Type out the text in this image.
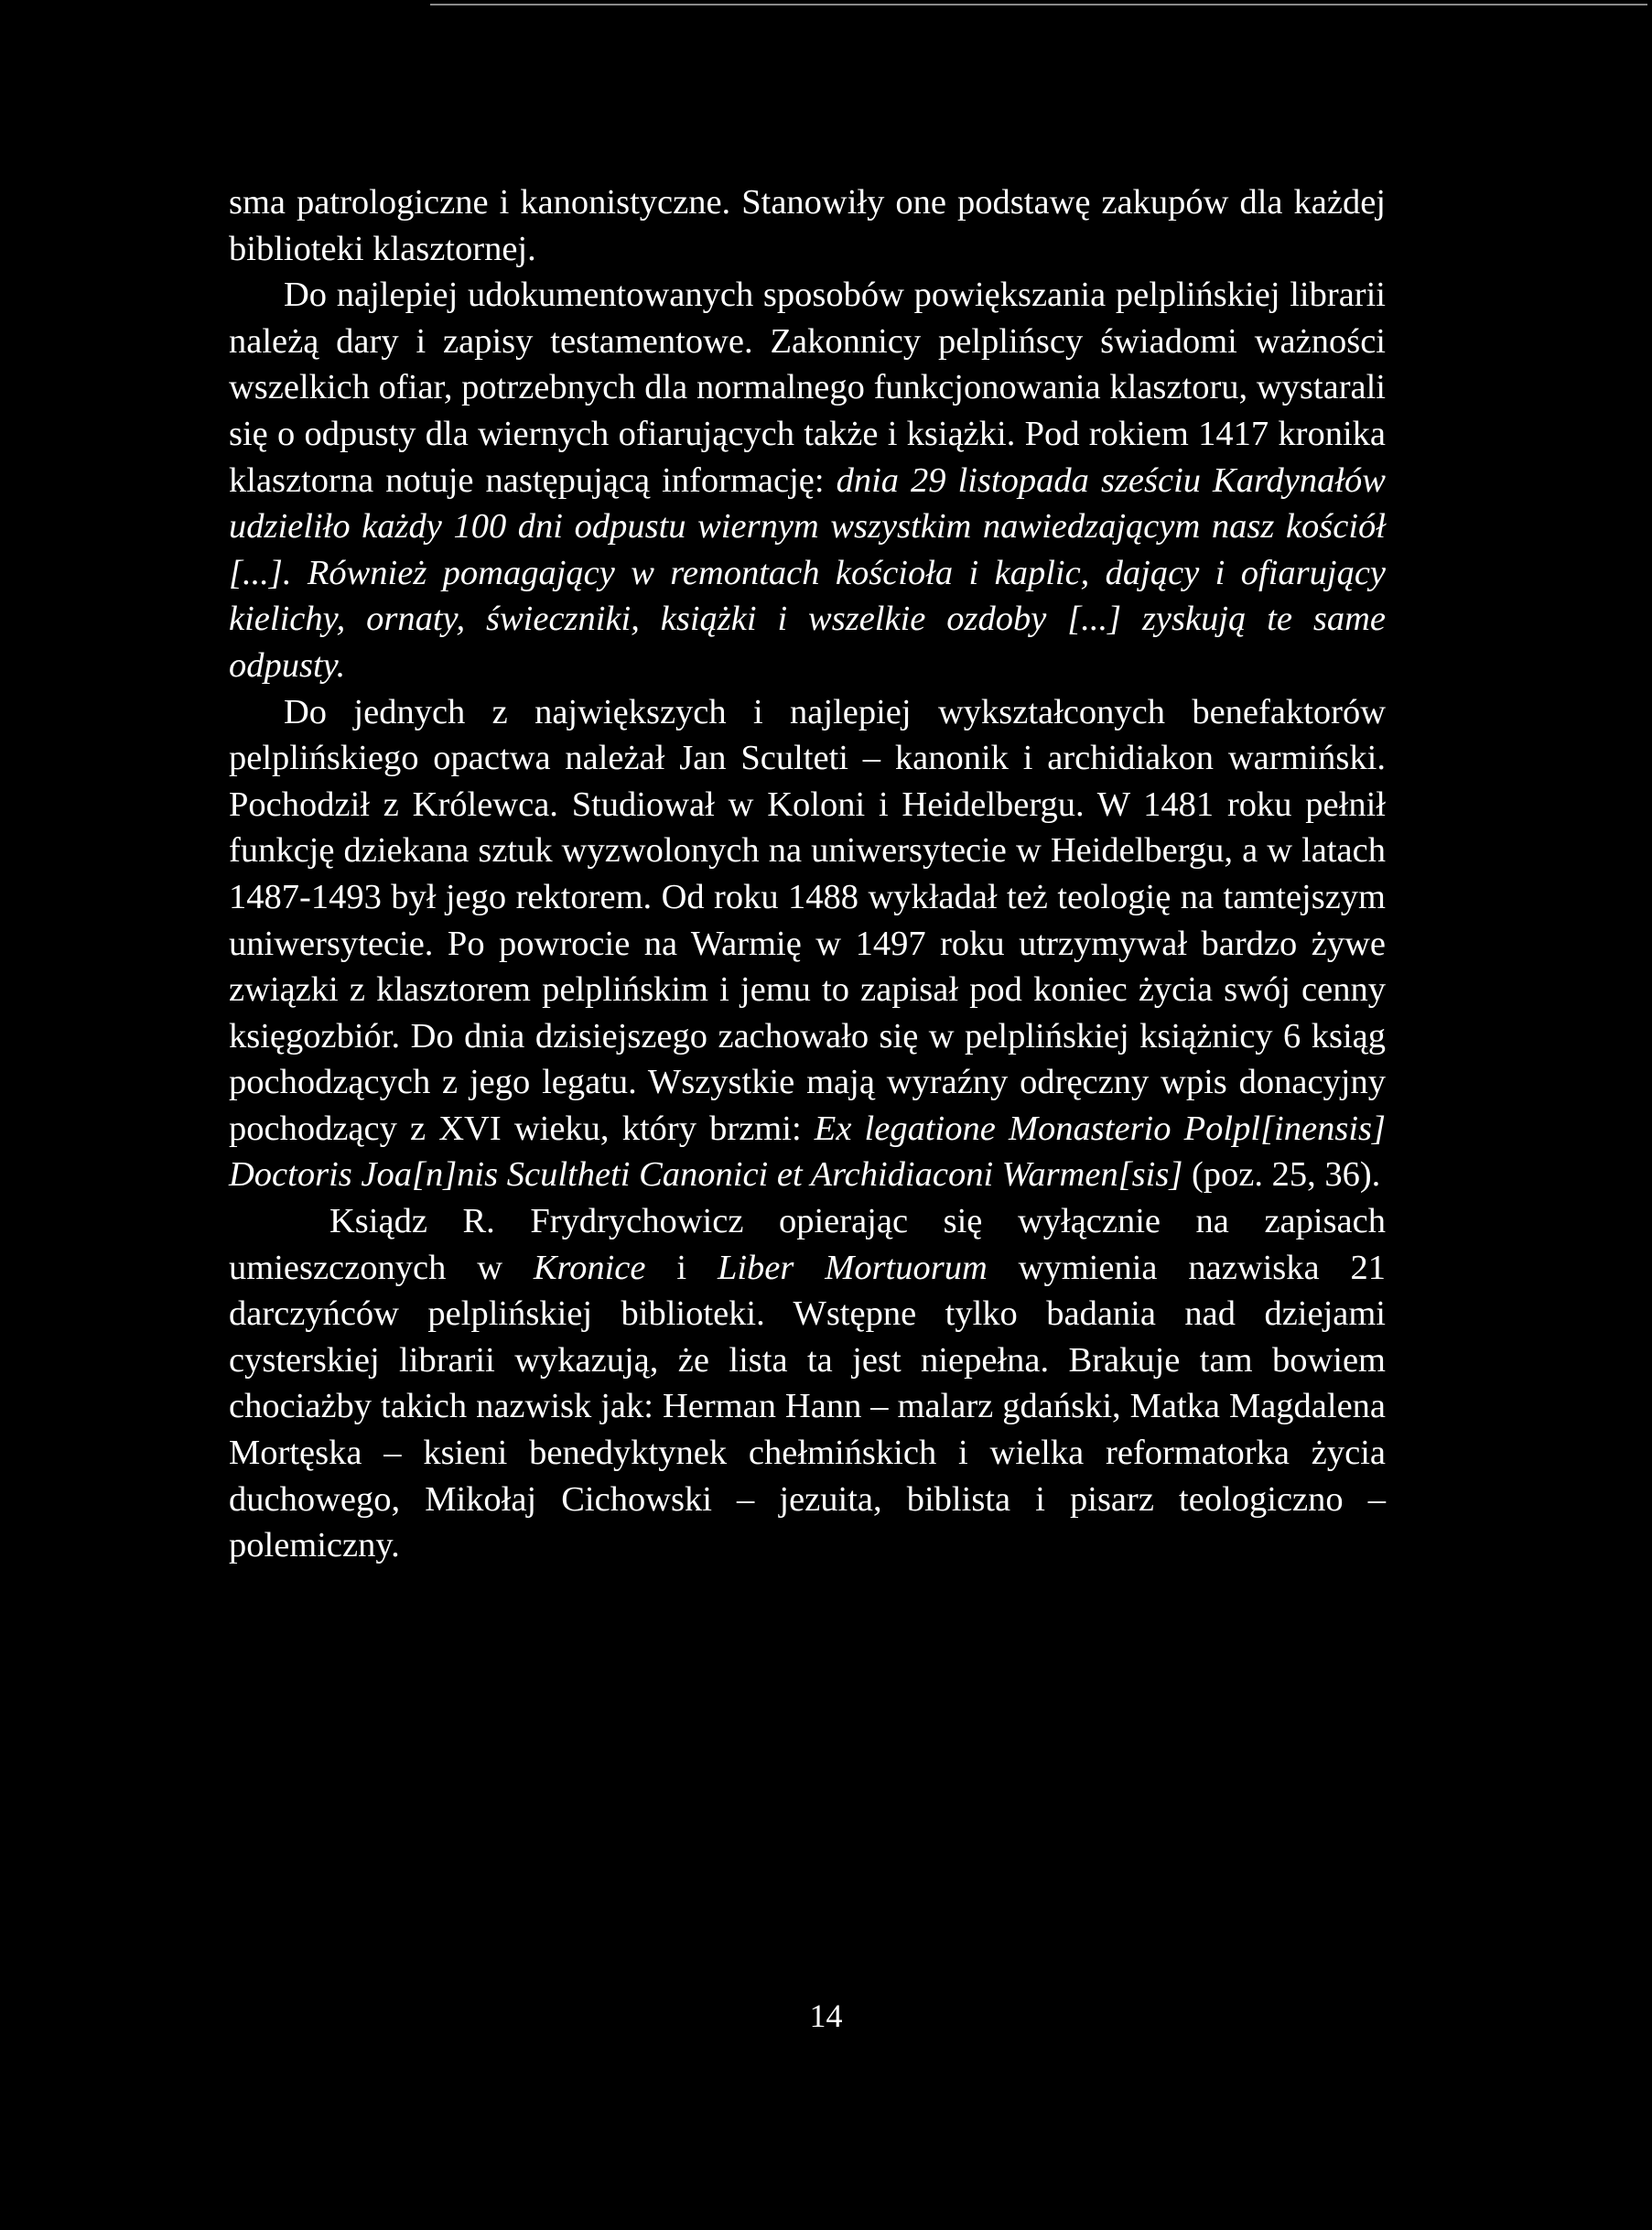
sma patrologiczne i kanonistyczne. Stanowiły one podstawę zakupów dla każdej biblioteki klasztornej.

Do najlepiej udokumentowanych sposobów powiększania pelplińskiej librarii należą dary i zapisy testamentowe. Zakonnicy pelplińscy świadomi ważności wszelkich ofiar, potrzebnych dla normalnego funkcjonowania klasztoru, wystarali się o odpusty dla wiernych ofiarujących także i książki. Pod rokiem 1417 kronika klasztorna notuje następującą informację: dnia 29 listopada sześciu Kardynałów udzieliło każdy 100 dni odpustu wiernym wszystkim nawiedzającym nasz kościół [...]. Również pomagający w remontach kościoła i kaplic, dający i ofiarujący kielichy, ornaty, świeczniki, książki i wszelkie ozdoby [...] zyskują te same odpusty.

Do jednych z największych i najlepiej wykształconych benefaktorów pelplińskiego opactwa należał Jan Sculteti – kanonik i archidiakon warmiński. Pochodził z Królewca. Studiował w Koloni i Heidelbergu. W 1481 roku pełnił funkcję dziekana sztuk wyzwolonych na uniwersytecie w Heidelbergu, a w latach 1487-1493 był jego rektorem. Od roku 1488 wykładał też teologię na tamtejszym uniwersytecie. Po powrocie na Warmię w 1497 roku utrzymywał bardzo żywe związki z klasztorem pelplińskim i jemu to zapisał pod koniec życia swój cenny księgozbiór. Do dnia dzisiejszego zachowało się w pelplińskiej książnicy 6 ksiąg pochodzących z jego legatu. Wszystkie mają wyraźny odręczny wpis donacyjny pochodzący z XVI wieku, który brzmi: Ex legatione Monasterio Polpl[inensis] Doctoris Joa[n]nis Scultheti Canonici et Archidiaconi Warmen[sis] (poz. 25, 36).

Ksiądz R. Frydrychowicz opierając się wyłącznie na zapisach umieszczonych w Kronice i Liber Mortuorum wymienia nazwiska 21 darczyńców pelplińskiej biblioteki. Wstępne tylko badania nad dziejami cysterskiej librarii wykazują, że lista ta jest niepełna. Brakuje tam bowiem chociażby takich nazwisk jak: Herman Hann – malarz gdański, Matka Magdalena Mortęska – ksieni benedyktynek chełmińskich i wielka reformatorka życia duchowego, Mikołaj Cichowski – jezuita, biblista i pisarz teologiczno – polemiczny.

14
